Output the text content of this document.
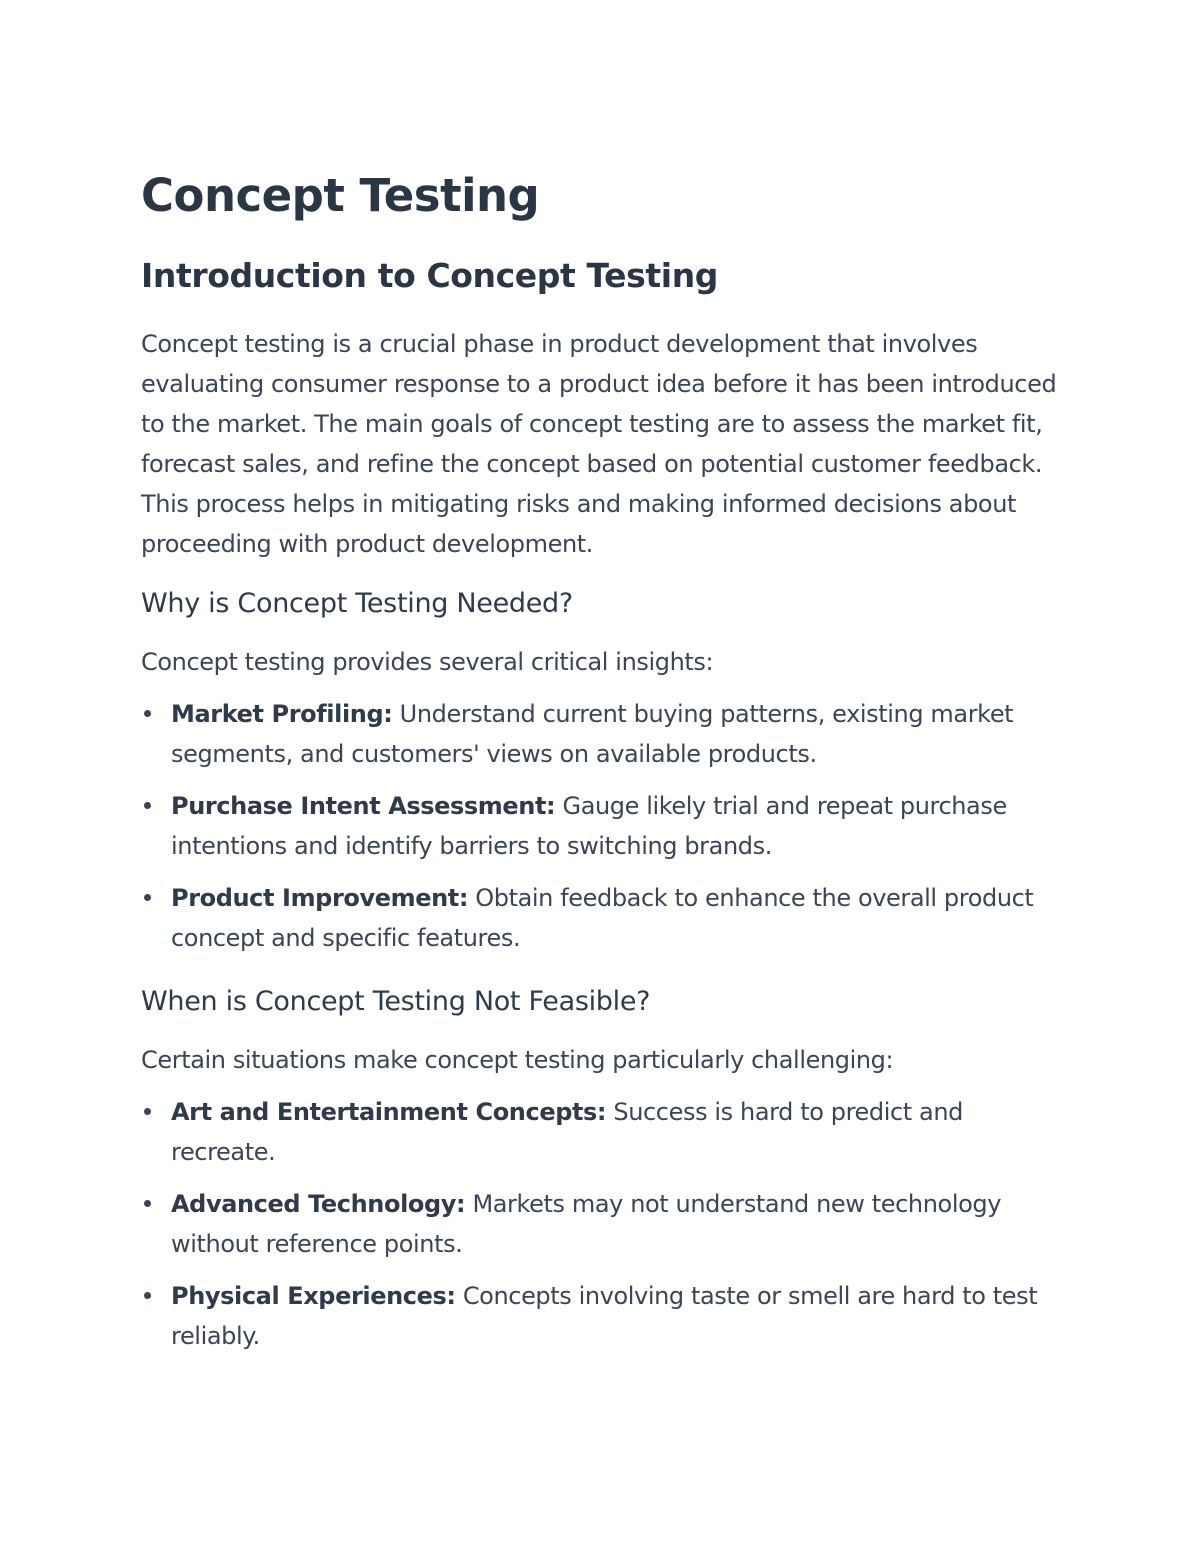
Concept Testing
Introduction to Concept Testing

Concept testing is a crucial phase in product development that involves evaluating consumer response to a product idea before it has been introduced to the market. The main goals of concept testing are to assess the market fit, forecast sales, and refine the concept based on potential customer feedback. This process helps in mitigating risks and making informed decisions about proceeding with product development.

Why is Concept Testing Needed?

Concept testing provides several critical insights:

Market Profiling: Understand current buying patterns, existing market segments, and customers' views on available products.
Purchase Intent Assessment: Gauge likely trial and repeat purchase intentions and identify barriers to switching brands.
Product Improvement: Obtain feedback to enhance the overall product concept and specific features.
When is Concept Testing Not Feasible?

Certain situations make concept testing particularly challenging:

Art and Entertainment Concepts: Success is hard to predict and recreate.
Advanced Technology: Markets may not understand new technology without reference points.
Physical Experiences: Concepts involving taste or smell are hard to test reliably.
